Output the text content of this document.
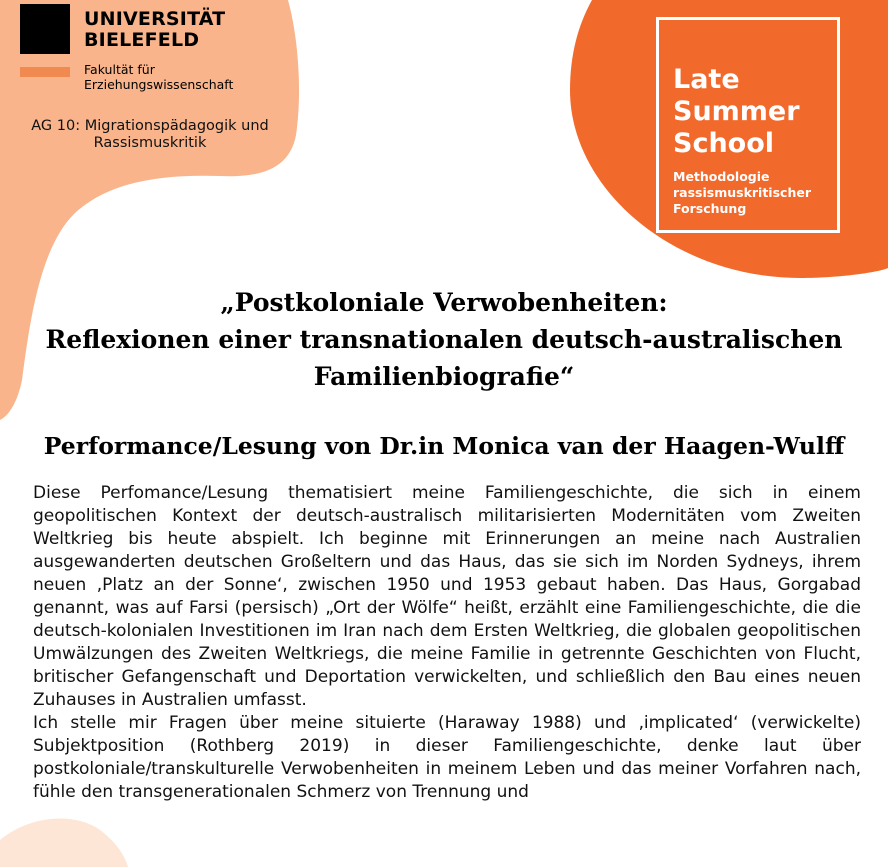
UNIVERSITÄT
BIELEFELD
Fakultät für
Erziehungswissenschaft
AG 10: Migrationspädagogik und
Rassismuskritik
Late
Summer
School
Methodologie
rassismuskritischer
Forschung
„Postkoloniale Verwobenheiten:
Reflexionen einer transnationalen deutsch-australischen
Familienbiografie“
Performance/Lesung von Dr.in Monica van der Haagen-Wulff

Diese Perfomance/Lesung thematisiert meine Familiengeschichte, die sich in einem geopolitischen Kontext der deutsch-australisch militarisierten Modernitäten vom Zweiten Weltkrieg bis heute abspielt. Ich beginne mit Erinnerungen an meine nach Australien ausgewanderten deutschen Großeltern und das Haus, das sie sich im Norden Sydneys, ihrem neuen ‚Platz an der Sonne‘, zwischen 1950 und 1953 gebaut haben. Das Haus, Gorgabad genannt, was auf Farsi (persisch) „Ort der Wölfe“ heißt, erzählt eine Familiengeschichte, die die deutsch-kolonialen Investitionen im Iran nach dem Ersten Weltkrieg, die globalen geopolitischen Umwälzungen des Zweiten Weltkriegs, die meine Familie in getrennte Geschichten von Flucht, britischer Gefangenschaft und Deportation verwickelten, und schließlich den Bau eines neuen Zuhauses in Australien umfasst.

Ich stelle mir Fragen über meine situierte (Haraway 1988) und ‚implicated‘ (verwickelte) Subjektposition (Rothberg 2019) in dieser Familiengeschichte, denke laut über postkoloniale/transkulturelle Verwobenheiten in meinem Leben und das meiner Vorfahren nach, fühle den transgenerationalen Schmerz von Trennung und
